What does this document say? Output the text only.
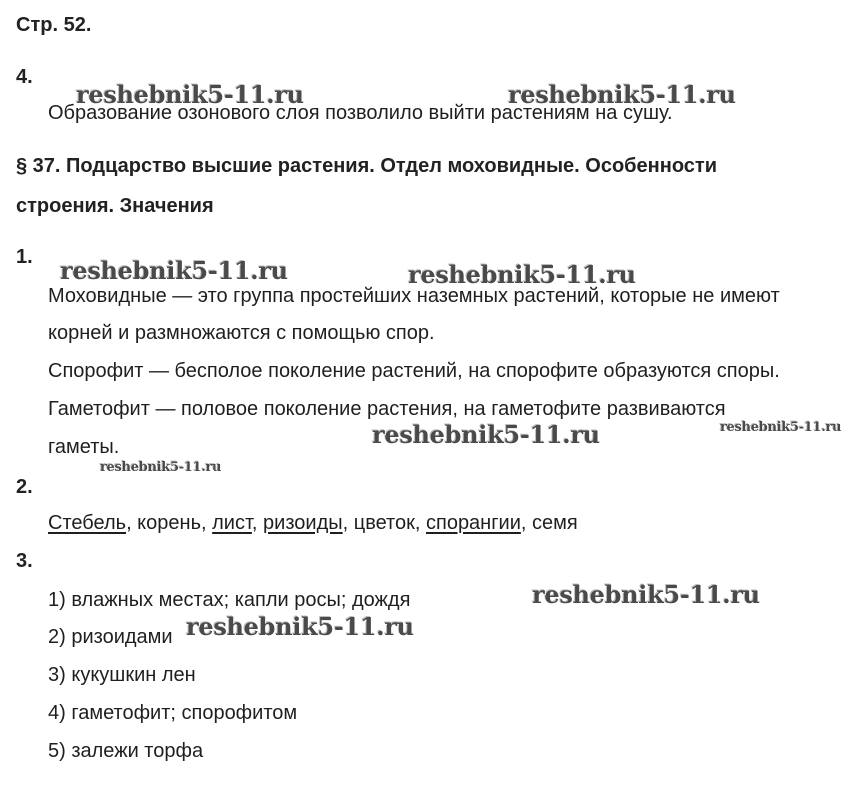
Стр. 52.
4.
Образование озонового слоя позволило выйти растениям на сушу.
§ 37. Подцарство высшие растения. Отдел моховидные. Особенности
строения. Значения
1.
Моховидные — это группа простейших наземных растений, которые не имеют
корней и размножаются с помощью спор.
Спорофит — бесполое поколение растений, на спорофите образуются споры.
Гаметофит — половое поколение растения, на гаметофите развиваются
гаметы.
2.
Стебель, корень, лист, ризоиды, цветок, спорангии, семя
3.
1) влажных местах; капли росы; дождя
2) ризоидами
3) кукушкин лен
4) гаметофит; спорофитом
5) залежи торфа
reshebnik5-11.ru	reshebnik5-11.ru
reshebnik5-11.ru	reshebnik5-11.ru
reshebnik5-11.ru	reshebnik5-11.ru
reshebnik5-11.ru
reshebnik5-11.ru
reshebnik5-11.ru
